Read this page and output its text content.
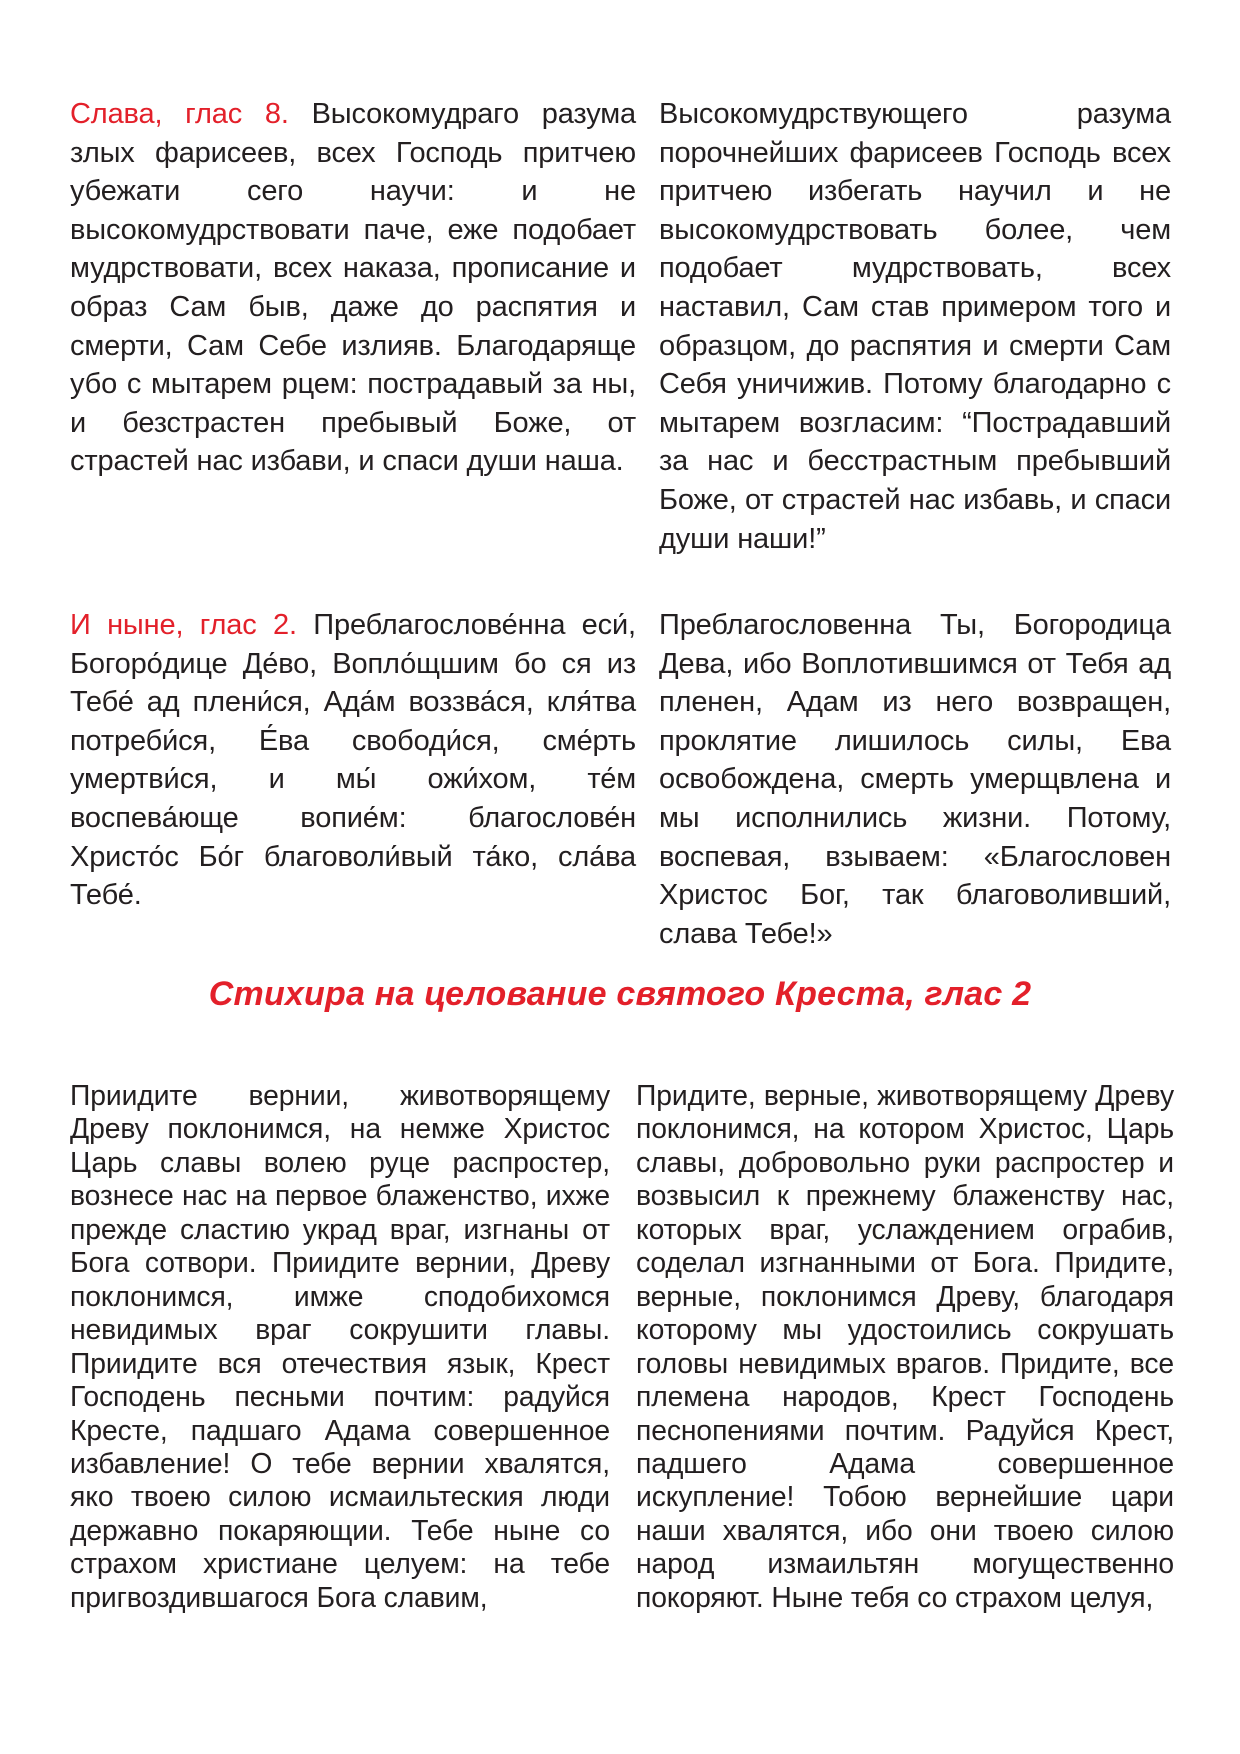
Слава, глас 8. Высокомудраго разума злых фарисеев, всех Господь притчею убежати сего научи: и не высокомудрствовати паче, еже подобает мудрствовати, всех наказа, прописание и образ Сам быв, даже до распятия и смерти, Сам Себе излияв. Благодаряще убо с мытарем рцем: пострадавый за ны, и безстрастен пребывый Боже, от страстей нас избави, и спаси души наша.
Высокомудрствующего разума порочнейших фарисеев Господь всех притчею избегать научил и не высокомудрствовать более, чем подобает мудрствовать, всех наставил, Сам став примером того и образцом, до распятия и смерти Сам Себя уничижив. Потому благодарно с мытарем возгласим: “Пострадавший за нас и бесстрастным пребывший Боже, от страстей нас избавь, и спаси души наши!”
И ныне, глас 2. Преблагослове́нна еси́, Богоро́дице Де́во, Вопло́щшим бо ся из Тебе́ ад плени́ся, Ада́м воззва́ся, кля́тва потреби́ся, Е́ва свободи́ся, сме́рть умертви́ся, и мы́ ожи́хом, те́м воспева́юще вопие́м: благослове́н Христо́с Бо́г благоволи́вый та́ко, сла́ва Тебе́.
Преблагословенна Ты, Богородица Дева, ибо Воплотившимся от Тебя ад пленен, Адам из него возвращен, проклятие лишилось силы, Ева освобождена, смерть умерщвлена и мы исполнились жизни. Потому, воспевая, взываем: «Благословен Христос Бог, так благоволивший, слава Тебе!»
Стихира на целование святого Креста, глас 2
Приидите вернии, животворящему Древу поклонимся, на немже Христос Царь славы волею руце распростер, вознесе нас на первое блаженство, ихже прежде сластию украд враг, изгнаны от Бога сотвори. Приидите вернии, Древу поклонимся, имже сподобихомся невидимых враг сокрушити главы. Приидите вся отечествия язык, Крест Господень песньми почтим: радуйся Кресте, падшаго Адама совершенное избавление! О тебе вернии хвалятся, яко твоею силою исмаильтеския люди державно покаряющии. Тебе ныне со страхом христиане целуем: на тебе пригвоздившагося Бога славим,
Придите, верные, животворящему Древу поклонимся, на котором Христос, Царь славы, добровольно руки распростер и возвысил к прежнему блаженству нас, которых враг, услаждением ограбив, соделал изгнанными от Бога. Придите, верные, поклонимся Древу, благодаря которому мы удостоились сокрушать головы невидимых врагов. Придите, все племена народов, Крест Господень песнопениями почтим. Радуйся Крест, падшего Адама совершенное искупление! Тобою вернейшие цари наши хвалятся, ибо они твоею силою народ измаильтян могущественно покоряют. Ныне тебя со страхом целуя,
